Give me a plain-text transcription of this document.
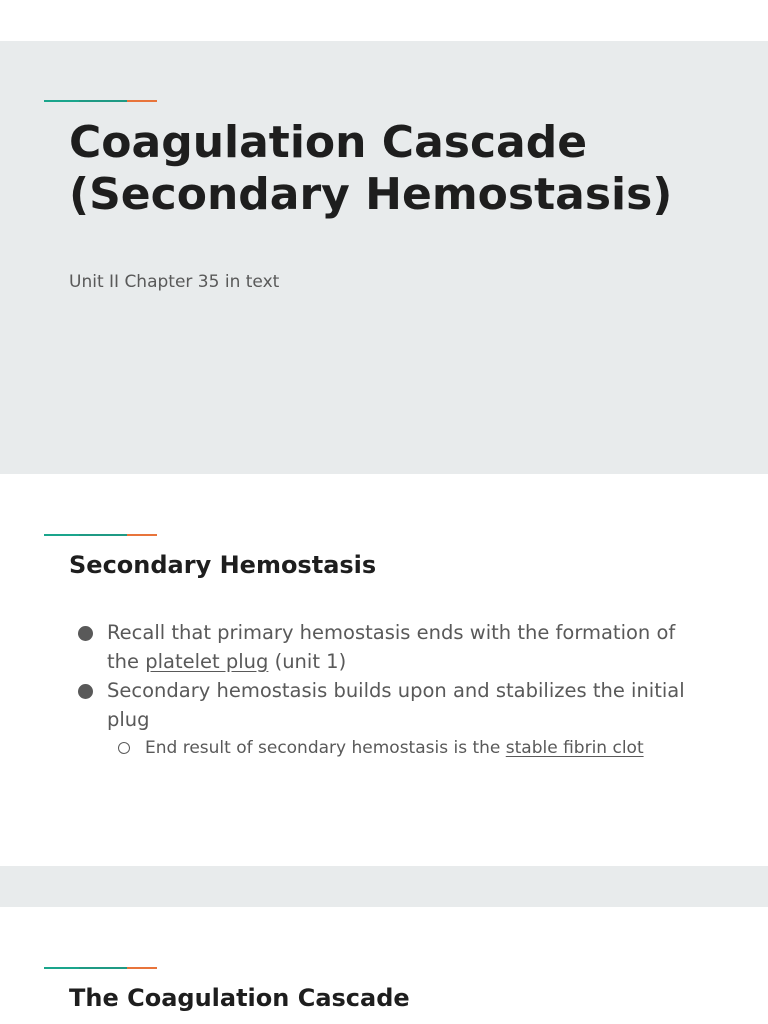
Coagulation Cascade (Secondary Hemostasis)

Unit II Chapter 35 in text

Secondary Hemostasis
Recall that primary hemostasis ends with the formation of the platelet plug (unit 1)
Secondary hemostasis builds upon and stabilizes the initial plug
End result of secondary hemostasis is the stable fibrin clot
The Coagulation Cascade
